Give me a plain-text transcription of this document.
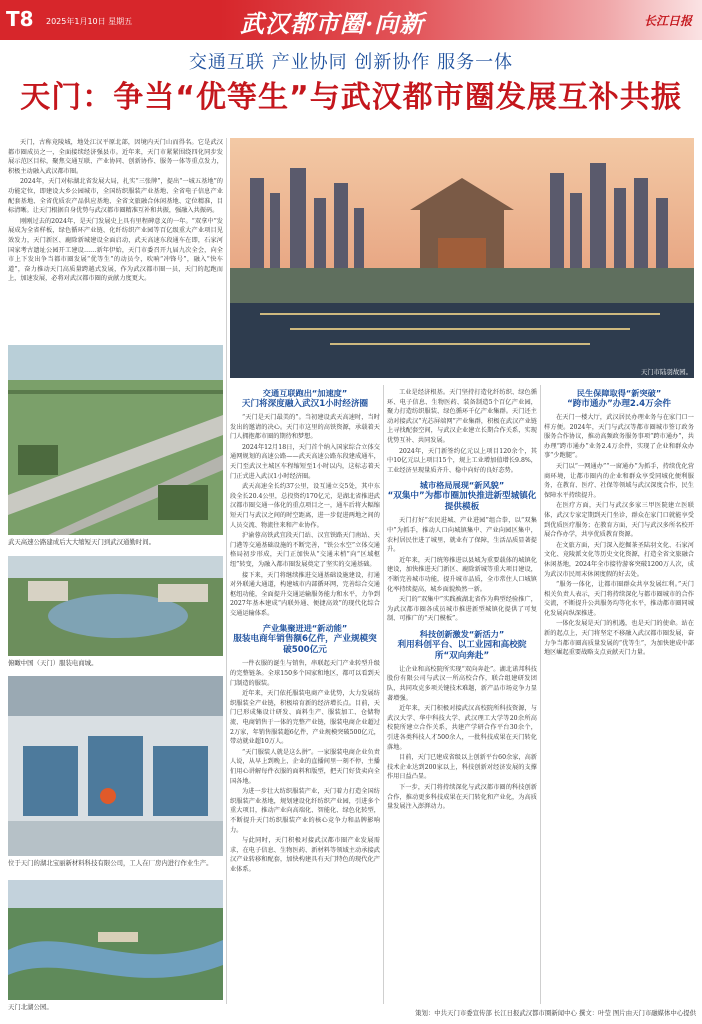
T8 2025年1月10日 星期五	武汉都市圈·向新	长江日报
交通互联 产业协同 创新协作 服务一体
天门：争当“优等生”与武汉都市圈发展互补共振

天门，古称竟陵城，地处江汉平原北部，因境内天门山而得名。它是武汉都市圈成员之一，全面接续经济强县市。近年来，天门市紧紧围绕四化同步发展示范区目标，聚焦交通互联、产业协同、创新协作、服务一体等重点发力，积极主动融入武汉都市圈。

2024年，天门对标湖北省发展大局，扎实“三张牌”，提出“一城五基地”的功能定位，即建设大乡公园城市，全国纺织服装产业基地、全省电子信息产业配套基地、全省优质农产品供应基地、全省文旅融合休闲基地、定位精准，目标清晰。让天门根据自身优势与武汉都市圈精准互补和共振，强融入共振码。

刚刚过去的2024年，是天门发展史上具有里程碑意义的一年。“双拿中”发展成为全省样板，绿色循环产业链、化纤纺织产业园等百亿级重大产业项目见效发力，天门新区、鹿除新城建设全面启动，武天高速东段通车在即，石家河国家考古遗址公园开工建设……新年伊始，天门市委召开九届九次全会，向全市上下发出争当都市圈发展“优等生”的动员令，吹响“冲锋号”，融入“快车道”，奋力推动天门高质量跨越式发展，作为武汉都市圈一员，天门的起跑而上，加速发展，必将对武汉都市圈的贡献力度更大。

天门市陆羽故园。
武天高速公路建成后大大缩短天门到武汉通勤时间。
俯瞰中国（天门）服装电商城。
位于天门的湖北宝丽新材料科技有限公司，工人在厂房内进行作业生产。
天门北湖公园。
交通互联跑出“加速度”
天门将深度融入武汉1小时经济圈

“天门是天门最美的”。当初建设武天高速时，当时发出的邀请的决心。天门市这里的高铁资源，承载着天门人拥抱都市圈的期待和梦想。

2024年12月18日，天门首个纳入国家综合立体交通网规划的高速公路——武天高速公路东段建成通车，天门至武汉主城区车程缩短至1小时以内，这标志着天门正式进入武汉1小时经济圈。

武天高速全长约37公里，设互通立交5处，其中东段全长20.4公里，总投资约170亿元，是湖北省推进武汉都市圈交通一体化的重点项目之一，通车后将大幅缩短天门与武汉之间的时空距离，进一步促进两地之间的人员交流、物流往来和产业协作。

沪渝蓉高铁武宜段天门站、汉宜铁路天门南站、天门港等交通基础设施的不断完善，“铁公水空”立体交通格局初步形成，天门正加快从“交通末梢”向“区域枢纽”转变，为融入都市圈发展奠定了坚实的交通基础。

接下来，天门将继续推进交通基础设施建设，打通对外联通大通道，构建城市内部循环网，完善综合交通枢纽功能，全面提升交通运输服务能力和水平，力争到2027年基本建成“内联外通、便捷高效”的现代化综合交通运输体系。

产业集聚迸进“新动能”
服装电商年销售额6亿件，产业规模突破500亿元

一件衣服的诞生与销售，串联起天门产业转型升级的完整链条。全球150多个国家和地区，都可以看到天门制造的服装。

近年来，天门依托服装电商产业优势，大力发展纺织服装全产业链，积极培育新的经济增长点。目前，天门已形成集设计研发、面料生产、服装加工、仓储物流、电商销售于一体的完整产业链，服装电商企业超过2万家，年销售服装超6亿件，产业规模突破500亿元，带动就业超10万人。

“天门服装人就是这么拼”。一家服装电商企业负责人说，从早上到晚上，企业的直播间里一刻不停，主播们用心讲解每件衣服的面料和版型，把天门好货卖向全国各地。

为进一步壮大纺织服装产业，天门着力打造全国纺织服装产业基地，规划建设化纤纺织产业园，引进多个重大项目，推动产业向高端化、智能化、绿色化转型，不断提升天门纺织服装产业的核心竞争力和品牌影响力。

与此同时，天门积极对接武汉都市圈产业发展需求，在电子信息、生物医药、新材料等领域主动承接武汉产业转移和配套，加快构建具有天门特色的现代化产业体系。

工业是经济根基。天门坚持打造化纤纺织、绿色循环、电子信息、生物医药、装备制造5个百亿产业园，聚力打造纺织服装、绿色循环千亿产业集群。天门还主动对接武汉“光芯屏端网”产业集群，积极在武汉产业链上寻找配套空间，与武汉企业建立长期合作关系，实现优势互补、共同发展。

2024年，天门新签约亿元以上项目120余个，其中10亿元以上项目15个，规上工业增加值增长9.8%，工业经济呈现量质齐升、稳中向好的良好态势。

城市格局展现“新风貌”
“双集中”为都市圈加快推进新型城镇化提供模板

天门打好“农民进城、产业进园”组合拳，以“双集中”为抓手，推动人口向城镇集中、产业向园区集中，农村居民住进了城里，就业有了保障，生活品质显著提升。

近年来，天门统筹推进以县城为重要载体的城镇化建设，加快推进天门新区、鹿除新城等重大项目建设，不断完善城市功能，提升城市品质，全市常住人口城镇化率持续提高，城乡面貌焕然一新。

天门的“双集中”实践被湖北省作为典型经验推广，为武汉都市圈各成员城市推进新型城镇化提供了可复制、可推广的“天门模板”。

科技创新激发“新活力”
利用科创平台、以工业园和高校院所“双向奔赴”

让企业和高校院所实现“双向奔赴”。湖北诺邦科技股份有限公司与武汉一所高校合作，联合组建研发团队，共同攻克多项关键技术难题，新产品市场竞争力显著增强。

近年来，天门积极对接武汉高校院所科技资源，与武汉大学、华中科技大学、武汉理工大学等20余所高校院所建立合作关系，共建产学研合作平台30余个，引进各类科技人才500余人，一批科技成果在天门转化落地。

目前，天门已建成省级以上创新平台60余家，高新技术企业达到200家以上，科技创新对经济发展的支撑作用日益凸显。

下一步，天门将持续深化与武汉都市圈的科技创新合作，推动更多科技成果在天门转化和产业化，为高质量发展注入澎湃动力。

民生保障取得“新突破”
“跨市通办”办理2.4万余件

在天门一楼大厅，武汉居民办理业务与在家门口一样方便。2024年，天门与武汉等都市圈城市签订政务服务合作协议，推动高频政务服务事项“跨市通办”，共办理“跨市通办”业务2.4万余件，实现了企业和群众办事“少跑腿”。

天门以“一网通办”“一窗通办”为抓手，持续优化营商环境，让都市圈内的企业和群众享受同城化便利服务，在教育、医疗、社保等领域与武汉深度合作，民生保障水平持续提升。

在医疗方面，天门与武汉多家三甲医院建立医联体，武汉专家定期到天门坐诊，群众在家门口就能享受到优质医疗服务；在教育方面，天门与武汉多所名校开展合作办学，共享优质教育资源。

在文旅方面，天门深入挖掘茶圣陆羽文化、石家河文化、竟陵派文化等历史文化资源，打造全省文旅融合休闲基地，2024年全市接待游客突破1200万人次，成为武汉市民周末休闲度假的好去处。

“服务一体化，让都市圈群众共享发展红利。”天门相关负责人表示，天门将持续深化与都市圈城市的合作交流，不断提升公共服务均等化水平，推动都市圈同城化发展向纵深推进。

一体化发展是天门的机遇，也是天门的使命。站在新的起点上，天门将坚定不移融入武汉都市圈发展，奋力争当都市圈高质量发展的“优等生”，为加快建成中部地区崛起重要战略支点贡献天门力量。

策划：中共天门市委宣传部 长江日报武汉都市圈新闻中心 撰文：叶莹 图片由天门市融媒体中心提供
